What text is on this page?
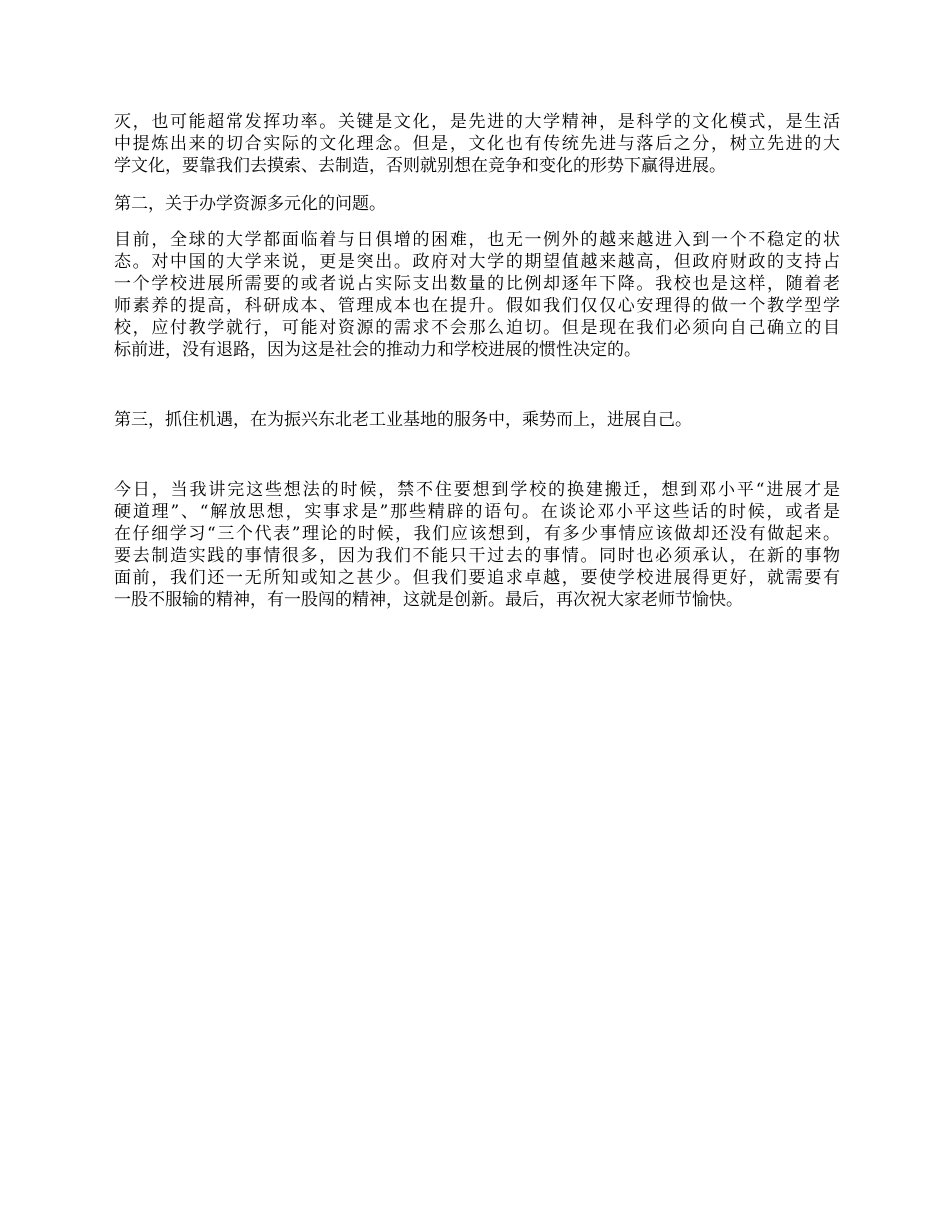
灭，也可能超常发挥功率。关键是文化，是先进的大学精神，是科学的文化模式，是生活
中提炼出来的切合实际的文化理念。但是，文化也有传统先进与落后之分，树立先进的大
学文化，要靠我们去摸索、去制造，否则就别想在竞争和变化的形势下赢得进展。
第二，关于办学资源多元化的问题。
目前，全球的大学都面临着与日俱增的困难，也无一例外的越来越进入到一个不稳定的状
态。对中国的大学来说，更是突出。政府对大学的期望值越来越高，但政府财政的支持占
一个学校进展所需要的或者说占实际支出数量的比例却逐年下降。我校也是这样，随着老
师素养的提高，科研成本、管理成本也在提升。假如我们仅仅心安理得的做一个教学型学
校，应付教学就行，可能对资源的需求不会那么迫切。但是现在我们必须向自己确立的目
标前进，没有退路，因为这是社会的推动力和学校进展的惯性决定的。
第三，抓住机遇，在为振兴东北老工业基地的服务中，乘势而上，进展自己。
今日，当我讲完这些想法的时候，禁不住要想到学校的换建搬迁，想到邓小平“进展才是
硬道理”、“解放思想，实事求是”那些精辟的语句。在谈论邓小平这些话的时候，或者是
在仔细学习“三个代表”理论的时候，我们应该想到，有多少事情应该做却还没有做起来。
要去制造实践的事情很多，因为我们不能只干过去的事情。同时也必须承认，在新的事物
面前，我们还一无所知或知之甚少。但我们要追求卓越，要使学校进展得更好，就需要有
一股不服输的精神，有一股闯的精神，这就是创新。最后，再次祝大家老师节愉快。
